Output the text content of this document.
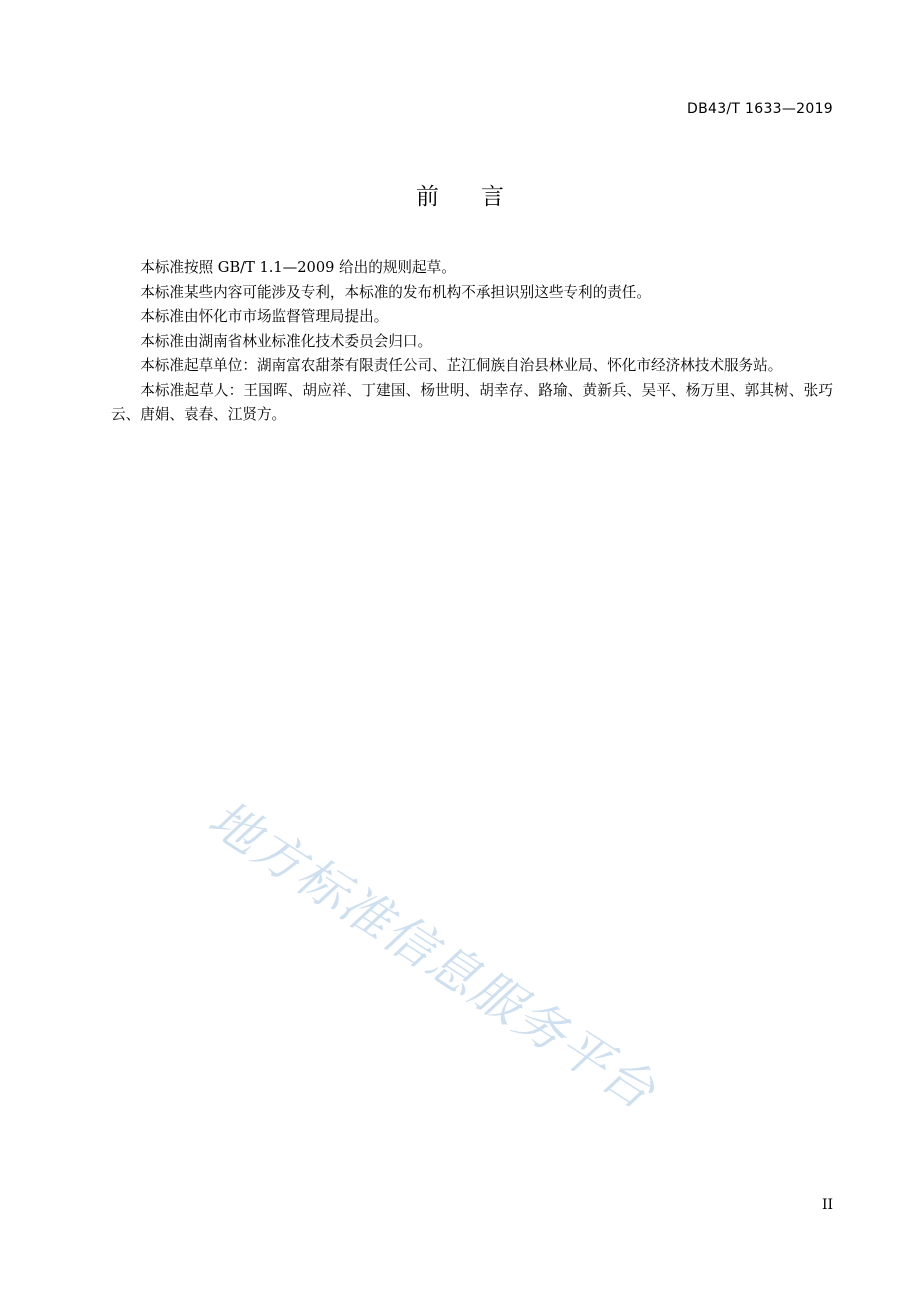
DB43/T 1633—2019
前言

本标准按照 GB/T 1.1—2009 给出的规则起草。

本标准某些内容可能涉及专利，本标准的发布机构不承担识别这些专利的责任。

本标准由怀化市市场监督管理局提出。

本标准由湖南省林业标准化技术委员会归口。

本标准起草单位：湖南富农甜茶有限责任公司、芷江侗族自治县林业局、怀化市经济林技术服务站。

本标准起草人：王国晖、胡应祥、丁建国、杨世明、胡幸存、路瑜、黄新兵、吴平、杨万里、郭其树、张巧云、唐娟、袁春、江贤方。

地方标准信息服务平台
II
